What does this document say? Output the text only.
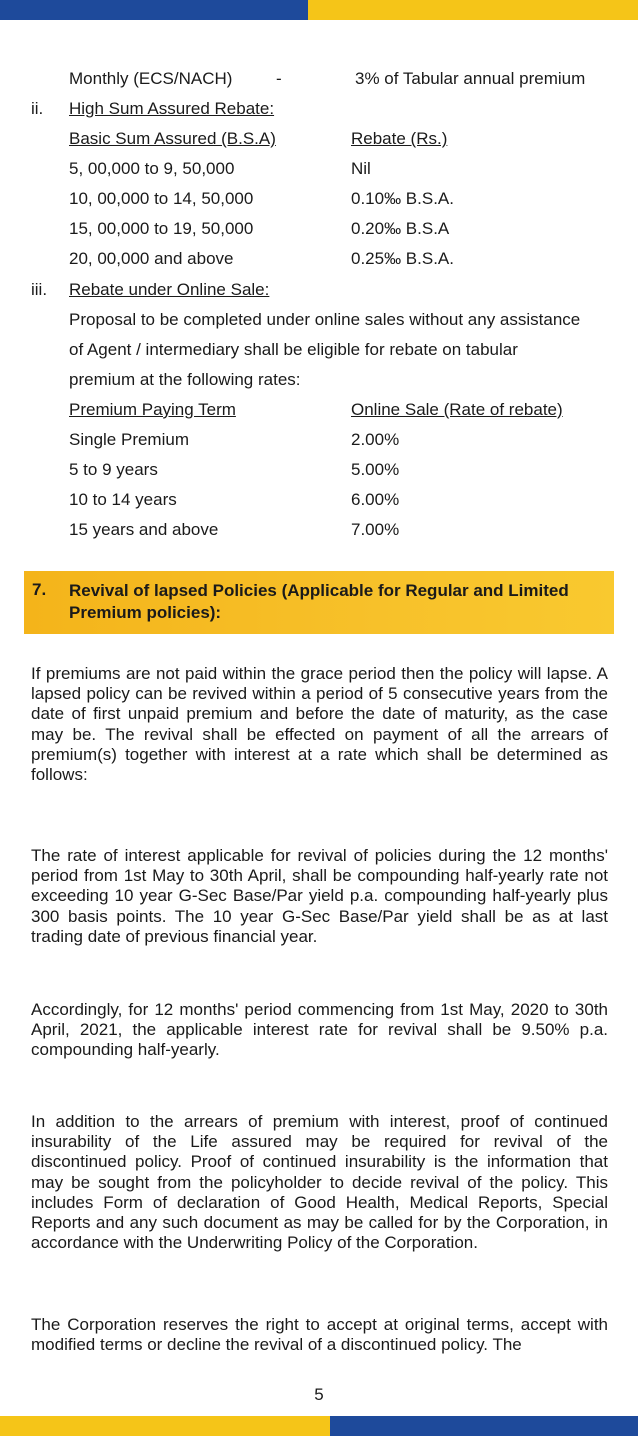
Monthly (ECS/NACH)	-	3% of Tabular annual premium
ii. High Sum Assured Rebate:
Basic Sum Assured (B.S.A)	Rebate (Rs.)
5, 00,000 to 9, 50,000	Nil
10, 00,000 to 14, 50,000	0.10‰ B.S.A.
15, 00,000 to 19, 50,000	0.20‰ B.S.A
20, 00,000 and above	0.25‰ B.S.A.
iii. Rebate under Online Sale:
Proposal to be completed under online sales without any assistance
of Agent / intermediary shall be eligible for rebate on tabular
premium at the following rates:
Premium Paying Term	Online Sale (Rate of rebate)
Single Premium	2.00%
5 to 9 years	5.00%
10 to 14 years	6.00%
15 years and above	7.00%
7. Revival of lapsed Policies (Applicable for Regular and Limited Premium policies):
If premiums are not paid within the grace period then the policy will lapse. A lapsed policy can be revived within a period of 5 consecutive years from the date of first unpaid premium and before the date of maturity, as the case may be. The revival shall be effected on payment of all the arrears of premium(s) together with interest at a rate which shall be determined as follows:
The rate of interest applicable for revival of policies during the 12 months' period from 1st May to 30th April, shall be compounding half-yearly rate not exceeding 10 year G-Sec Base/Par yield p.a. compounding half-yearly plus 300 basis points. The 10 year G-Sec Base/Par yield shall be as at last trading date of previous financial year.
Accordingly, for 12 months' period commencing from 1st May, 2020 to 30th April, 2021, the applicable interest rate for revival shall be 9.50% p.a. compounding half-yearly.
In addition to the arrears of premium with interest, proof of continued insurability of the Life assured may be required for revival of the discontinued policy. Proof of continued insurability is the information that may be sought from the policyholder to decide revival of the policy. This includes Form of declaration of Good Health, Medical Reports, Special Reports and any such document as may be called for by the Corporation, in accordance with the Underwriting Policy of the Corporation.
The Corporation reserves the right to accept at original terms, accept with modified terms or decline the revival of a discontinued policy. The
5
